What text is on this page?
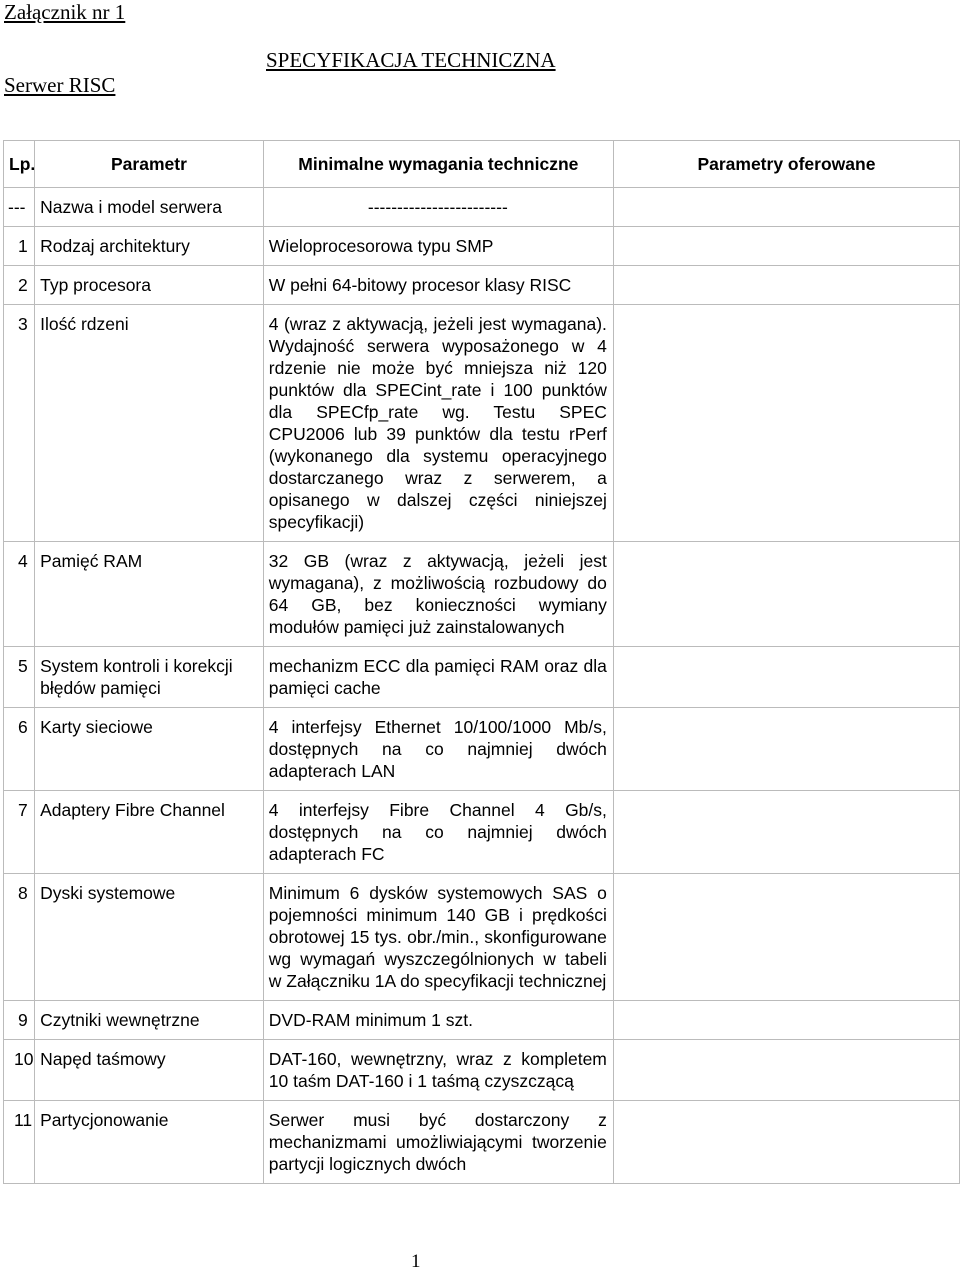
Załącznik nr 1
SPECYFIKACJA TECHNICZNA
Serwer RISC
Lp.	Parametr	Minimalne wymagania techniczne	Parametry oferowane
---	Nazwa i model serwera	------------------------	
1	Rodzaj architektury	Wieloprocesorowa typu SMP	
2	Typ procesora	W pełni 64-bitowy procesor klasy RISC	
3	Ilość rdzeni	4 (wraz z aktywacją, jeżeli jest wymagana). Wydajność serwera wyposażonego w 4 rdzenie nie może być mniejsza niż 120 punktów dla SPECint_rate i 100 punktów dla SPECfp_rate wg. Testu SPEC CPU2006 lub 39 punktów dla testu rPerf (wykonanego dla systemu operacyjnego dostarczanego wraz z serwerem, a opisanego w dalszej części niniejszej specyfikacji)	
4	Pamięć RAM	32 GB (wraz z aktywacją, jeżeli jest wymagana), z możliwością rozbudowy do 64 GB, bez konieczności wymiany modułów pamięci już zainstalowanych	
5	System kontroli i korekcji błędów pamięci	mechanizm ECC dla pamięci RAM oraz dla pamięci cache	
6	Karty sieciowe	4 interfejsy Ethernet 10/100/1000 Mb/s, dostępnych na co najmniej dwóch adapterach LAN	
7	Adaptery Fibre Channel	4 interfejsy Fibre Channel 4 Gb/s, dostępnych na co najmniej dwóch adapterach FC	
8	Dyski systemowe	Minimum 6 dysków systemowych SAS o pojemności minimum 140 GB i prędkości obrotowej 15 tys. obr./min., skonfigurowane wg wymagań wyszczególnionych w tabeli w Załączniku 1A do specyfikacji technicznej	
9	Czytniki wewnętrzne	DVD-RAM minimum 1 szt.	
10	Napęd taśmowy	DAT-160, wewnętrzny, wraz z kompletem 10 taśm DAT-160 i 1 taśmą czyszczącą	
11	Partycjonowanie	Serwer musi być dostarczony z mechanizmami umożliwiającymi tworzenie partycji logicznych dwóch	
1
